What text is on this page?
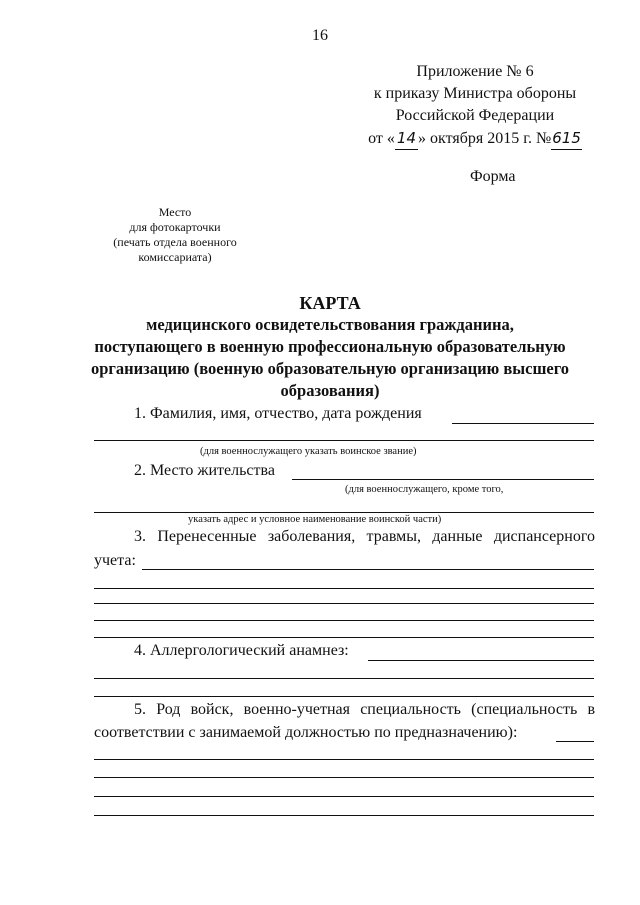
16
Приложение № 6
к приказу Министра обороны
Российской Федерации
от « 14 » октября 2015 г. №615
Форма
Место
для фотокарточки
(печать отдела военного
комиссариата)
КАРТА
медицинского освидетельствования гражданина,
поступающего в военную профессиональную образовательную
организацию (военную образовательную организацию высшего
образования)
1. Фамилия, имя, отчество, дата рождения
(для военнослужащего указать воинское звание)
2. Место жительства
(для военнослужащего, кроме того,
указать адрес и условное наименование воинской части)
3. Перенесенные заболевания, травмы, данные диспансерного
учета:
4. Аллергологический анамнез:
5. Род войск, военно-учетная специальность (специальность в
соответствии с занимаемой должностью по предназначению):
